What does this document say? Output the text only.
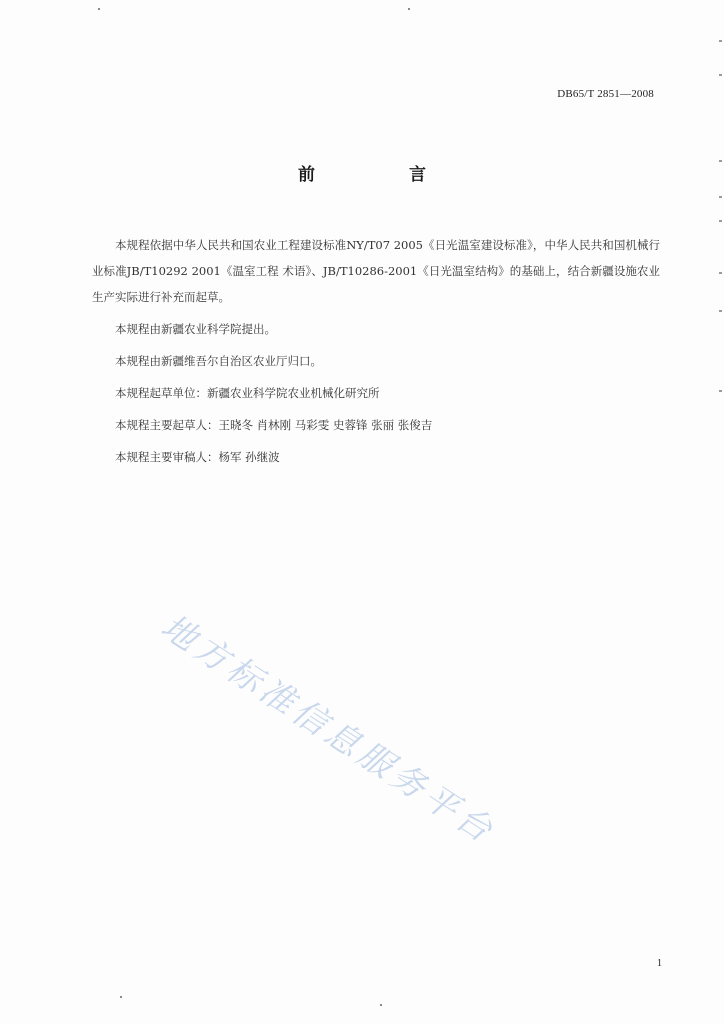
DB65/T 2851—2008
前 言

本规程依据中华人民共和国农业工程建设标准NY/T07 2005《日光温室建设标准》，中华人民共和国机械行业标准JB/T10292 2001《温室工程 术语》、JB/T10286-2001《日光温室结构》的基础上，结合新疆设施农业生产实际进行补充而起草。

本规程由新疆农业科学院提出。
本规程由新疆维吾尔自治区农业厅归口。
本规程起草单位：新疆农业科学院农业机械化研究所
本规程主要起草人：王晓冬 肖林刚 马彩雯 史蓉锋 张丽 张俊吉
本规程主要审稿人：杨军 孙继波
地方标准信息服务平台
1
